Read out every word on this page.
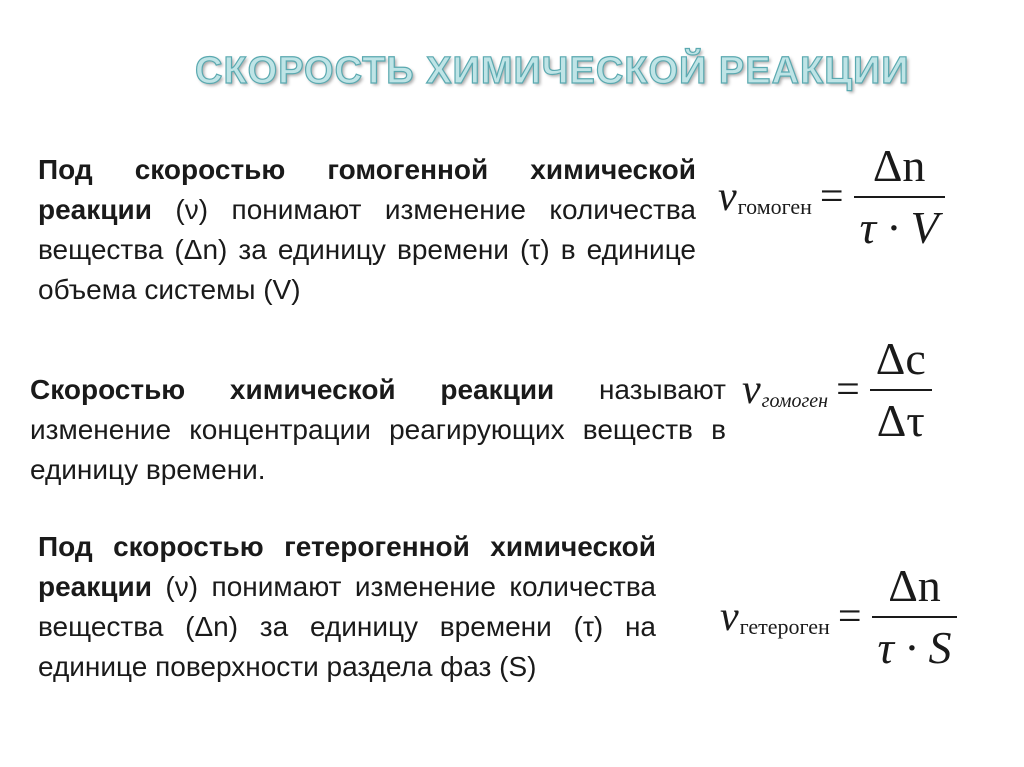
СКОРОСТЬ ХИМИЧЕСКОЙ РЕАКЦИИ
Под скоростью гомогенной химической реакции (ν) понимают изменение количества вещества (Δn) за единицу времени (τ) в единице объема системы (V)
Скоростью химической реакции называют изменение концентрации реагирующих веществ в единицу времени.
Под скоростью гетерогенной химической реакции (ν) понимают изменение количества вещества (Δn) за единицу времени (τ) на единице поверхности раздела фаз (S)
v гомоген = $\frac{\Delta n}{\tau \cdot V}$
v гомоген = $\frac{\Delta c}{\Delta\tau}$
v гетероген = $\frac{\Delta n}{\tau \cdot S}$
